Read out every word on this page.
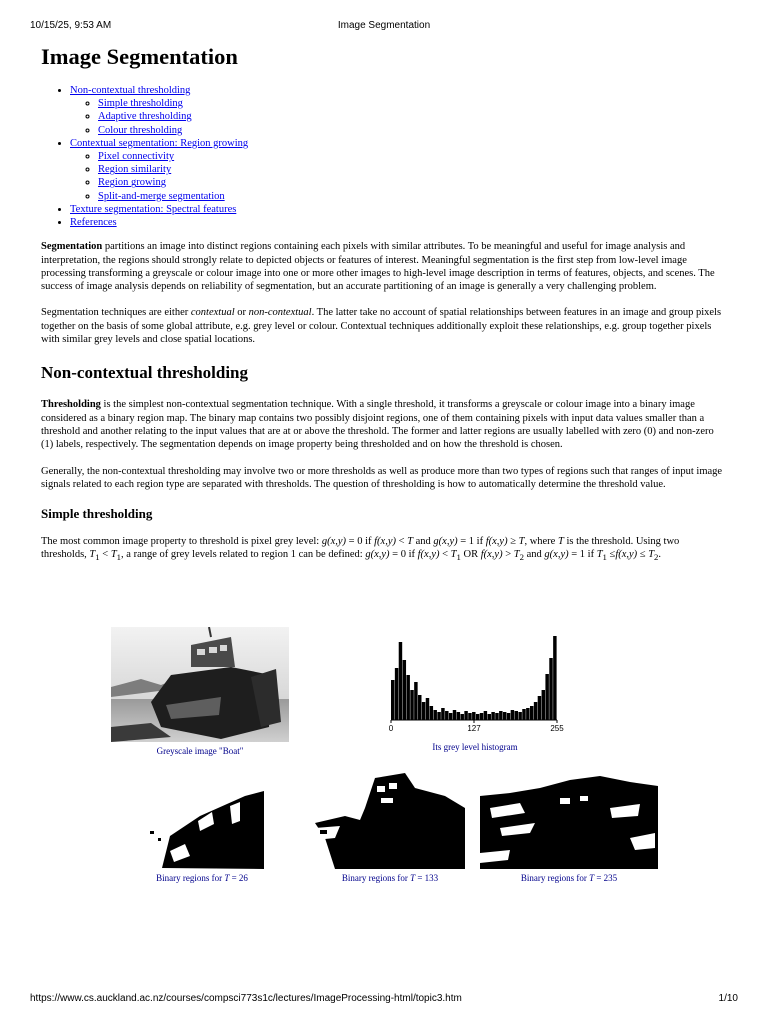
10/15/25, 9:53 AM	Image Segmentation
Image Segmentation
• Non-contextual thresholding
◦ Simple thresholding
◦ Adaptive thresholding
◦ Colour thresholding
• Contextual segmentation: Region growing
◦ Pixel connectivity
◦ Region similarity
◦ Region growing
◦ Split-and-merge segmentation
• Texture segmentation: Spectral features
• References

Segmentation partitions an image into distinct regions containing each pixels with similar attributes. To be meaningful and useful for image analysis and interpretation, the regions should strongly relate to depicted objects or features of interest. Meaningful segmentation is the first step from low-level image processing transforming a greyscale or colour image into one or more other images to high-level image description in terms of features, objects, and scenes. The success of image analysis depends on reliability of segmentation, but an accurate partitioning of an image is generally a very challenging problem.

Segmentation techniques are either contextual or non-contextual. The latter take no account of spatial relationships between features in an image and group pixels together on the basis of some global attribute, e.g. grey level or colour. Contextual techniques additionally exploit these relationships, e.g. group together pixels with similar grey levels and close spatial locations.

Non-contextual thresholding

Thresholding is the simplest non-contextual segmentation technique. With a single threshold, it transforms a greyscale or colour image into a binary image considered as a binary region map. The binary map contains two possibly disjoint regions, one of them containing pixels with input data values smaller than a threshold and another relating to the input values that are at or above the threshold. The former and latter regions are usually labelled with zero (0) and non-zero (1) labels, respectively. The segmentation depends on image property being thresholded and on how the threshold is chosen.

Generally, the non-contextual thresholding may involve two or more thresholds as well as produce more than two types of regions such that ranges of input image signals related to each region type are separated with thresholds. The question of thresholding is how to automatically determine the threshold value.

Simple thresholding

The most common image property to threshold is pixel grey level: g(x,y) = 0 if f(x,y) < T and g(x,y) = 1 if f(x,y) ≥ T, where T is the threshold. Using two thresholds, $T_1 < T_1$, a range of grey levels related to region 1 can be defined: g(x,y) = 0 if $f(x,y) < T_1$ OR $f(x,y) > T_2$ and g(x,y) = 1 if $T_1 \le f(x,y) \le T_2$.

Greyscale image "Boat"
0	127	255
Its grey level histogram
Binary regions for T = 26	Binary regions for T = 133	Binary regions for T = 235
https://www.cs.auckland.ac.nz/courses/compsci773s1c/lectures/ImageProcessing-html/topic3.htm	1/10
